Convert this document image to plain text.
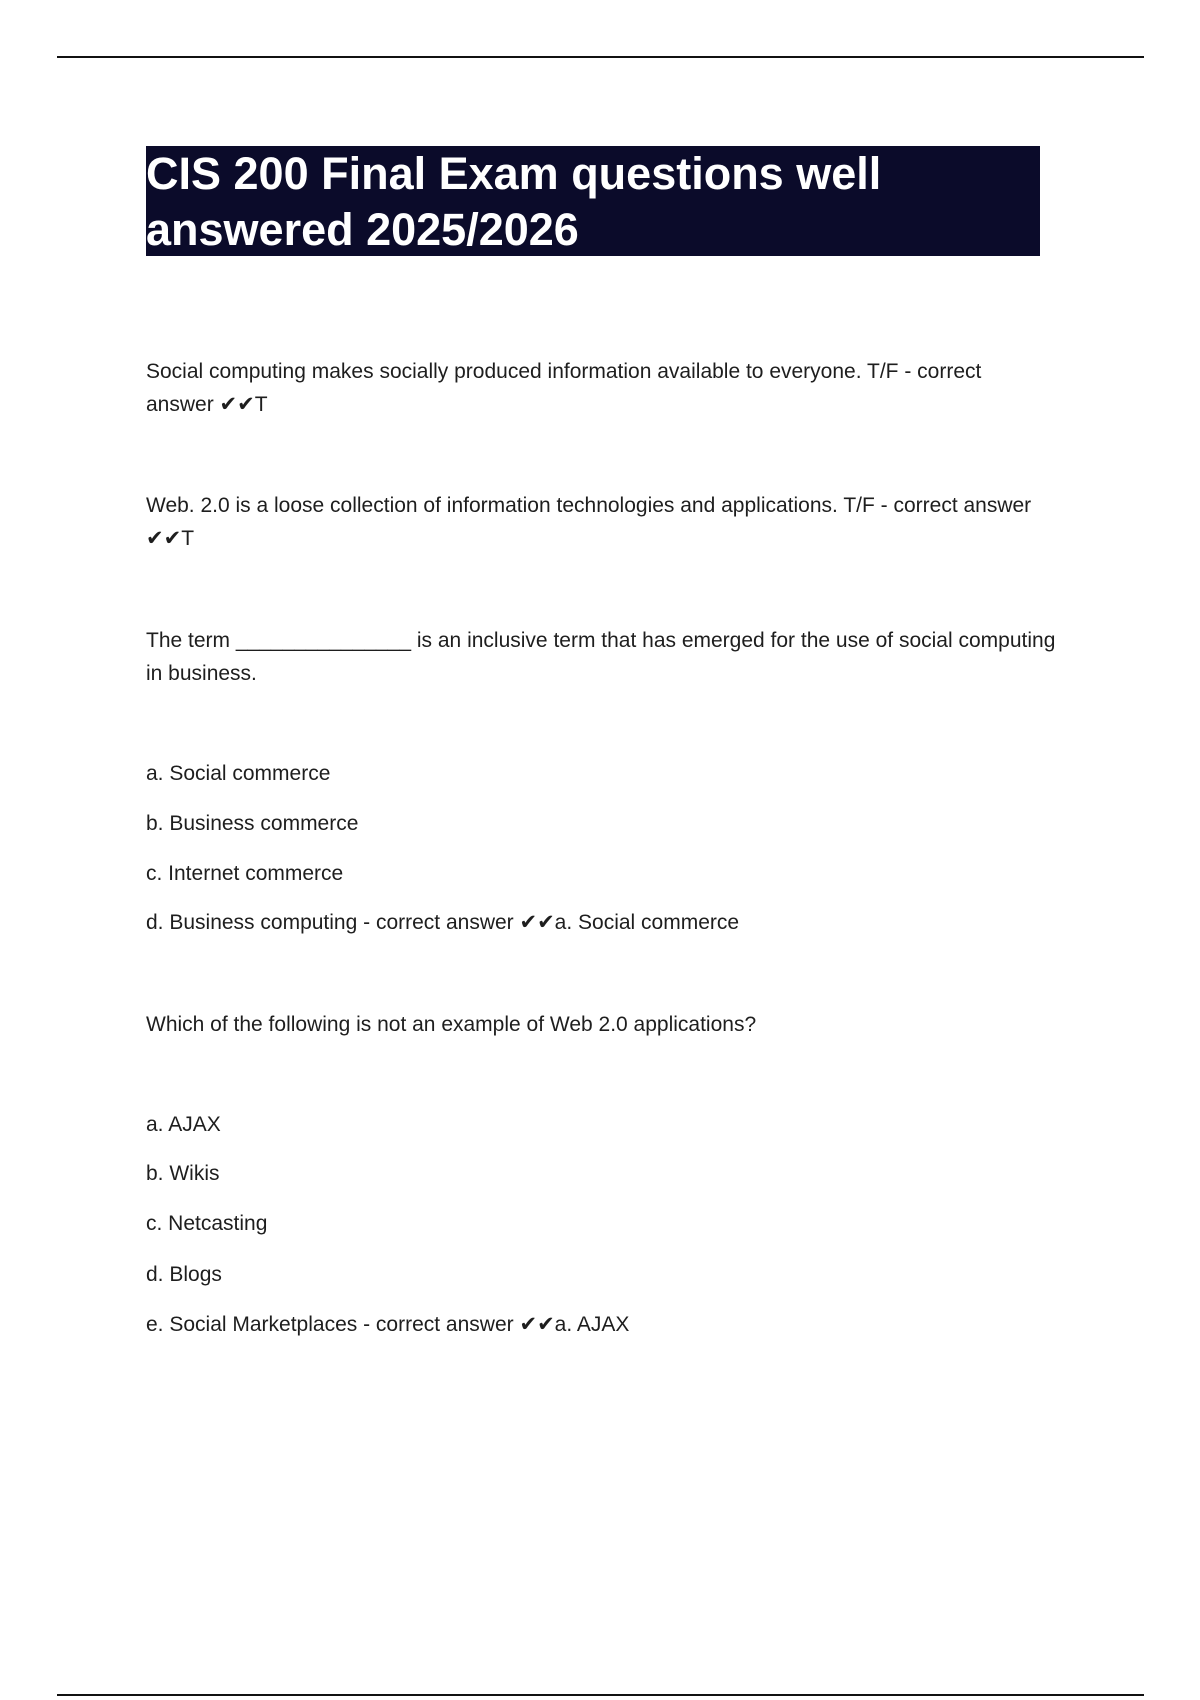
CIS 200 Final Exam questions well
answered 2025/2026
Social computing makes socially produced information available to everyone. T/F - correct
answer ✔✔T
Web. 2.0 is a loose collection of information technologies and applications. T/F - correct answer
✔✔T
The term _______________ is an inclusive term that has emerged for the use of social computing
in business.
a. Social commerce
b. Business commerce
c. Internet commerce
d. Business computing - correct answer ✔✔a. Social commerce
Which of the following is not an example of Web 2.0 applications?
a. AJAX
b. Wikis
c. Netcasting
d. Blogs
e. Social Marketplaces - correct answer ✔✔a. AJAX
